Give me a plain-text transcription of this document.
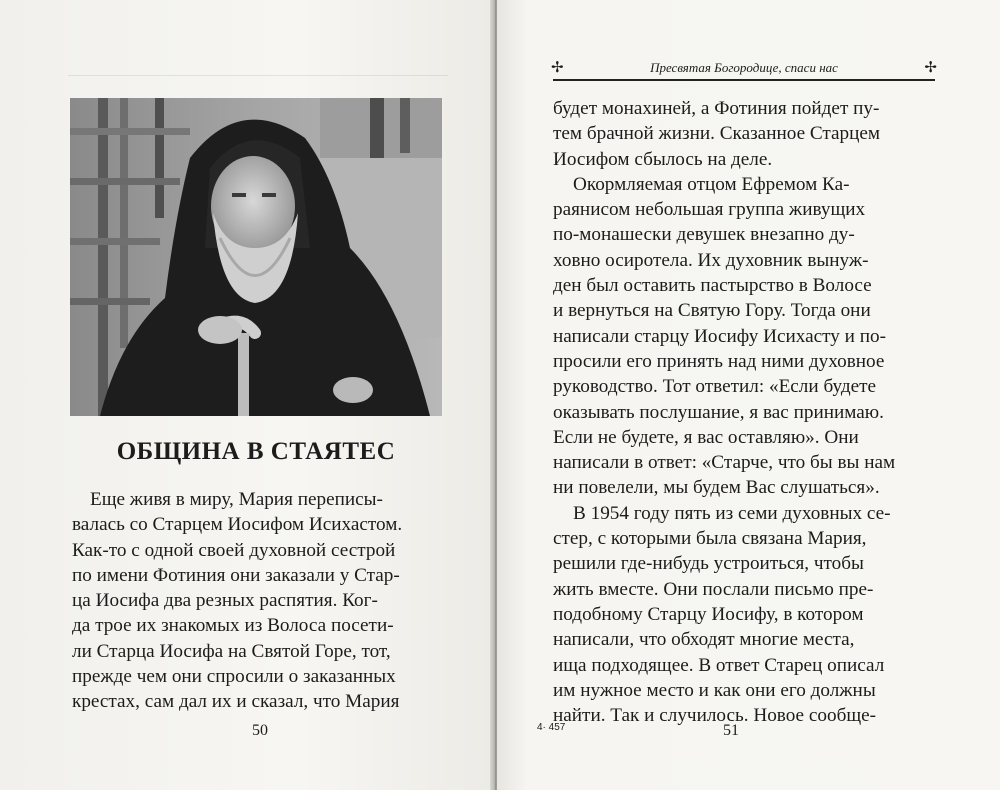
ОБЩИНА В СТАЯТЕС

Еще живя в миру, Мария переписы-

валась со Старцем Иосифом Исихастом.

Как-то с одной своей духовной сестрой

по имени Фотиния они заказали у Стар-

ца Иосифа два резных распятия. Ког-

да трое их знакомых из Волоса посети-

ли Старца Иосифа на Святой Горе, тот,

прежде чем они спросили о заказанных

крестах, сам дал их и сказал, что Мария

50
✢	Пресвятая Богородице, спаси нас	✢

будет монахиней, а Фотиния пойдет пу-

тем брачной жизни. Сказанное Старцем

Иосифом сбылось на деле.

Окормляемая отцом Ефремом Ка-

раянисом небольшая группа живущих

по-монашески девушек внезапно ду-

ховно осиротела. Их духовник вынуж-

ден был оставить пастырство в Волосе

и вернуться на Святую Гору. Тогда они

написали старцу Иосифу Исихасту и по-

просили его принять над ними духовное

руководство. Тот ответил: «Если будете

оказывать послушание, я вас принимаю.

Если не будете, я вас оставляю». Они

написали в ответ: «Старче, что бы вы нам

ни повелели, мы будем Вас слушаться».

В 1954 году пять из семи духовных се-

стер, с которыми была связана Мария,

решили где-нибудь устроиться, чтобы

жить вместе. Они послали письмо пре-

подобному Старцу Иосифу, в котором

написали, что обходят многие места,

ища подходящее. В ответ Старец описал

им нужное место и как они его должны

найти. Так и случилось. Новое сообще-

4· 457	51
